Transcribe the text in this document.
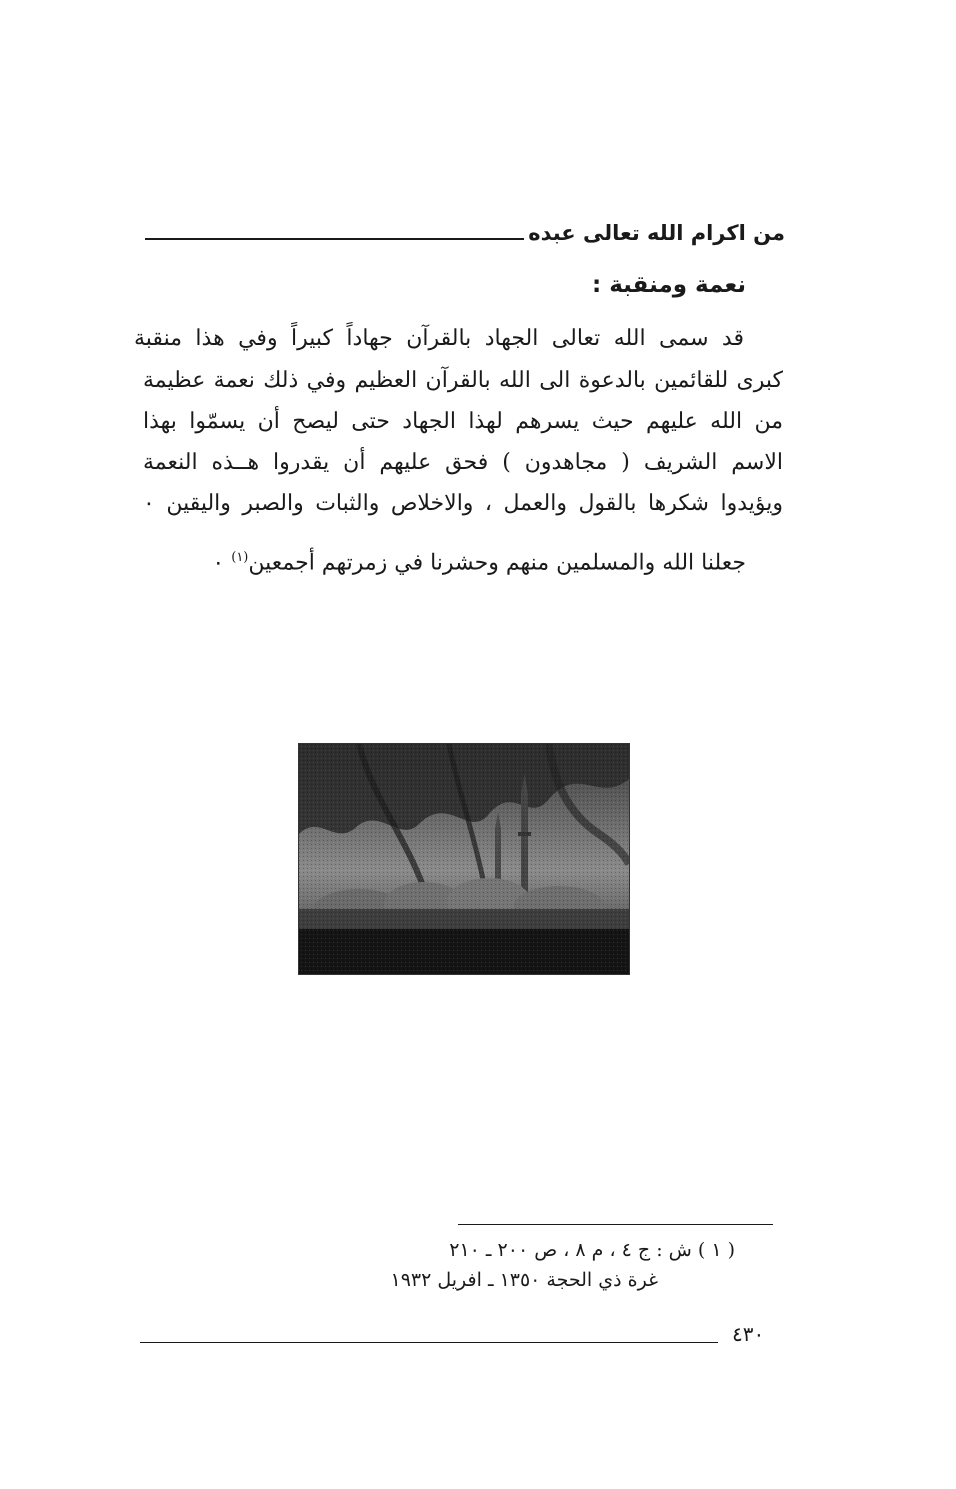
من اكرام الله تعالى عبده
نعمة ومنقبة :
قد سمى الله تعالى الجهاد بالقرآن جهاداً كبيراً وفي هذا منقبة
كبرى للقائمين بالدعوة الى الله بالقرآن العظيم وفي ذلك نعمة عظيمة
من الله عليهم حيث يسرهم لهذا الجهاد حتى ليصح أن يسمّوا بهذا
الاسم الشريف ( مجاهدون ) فحق عليهم أن يقدروا هــذه النعمة
ويؤيدوا شكرها بالقول والعمل ، والاخلاص والثبات والصبر واليقين ٠
جعلنا الله والمسلمين منهم وحشرنا في زمرتهم أجمعين$^{(١)}$ ٠
( ١ ) ش : ج ٤ ، م ٨ ، ص ٢٠٠ ـ ٢١٠
غرة ذي الحجة ١٣٥٠ ـ افريل ١٩٣٢
٤٣٠
